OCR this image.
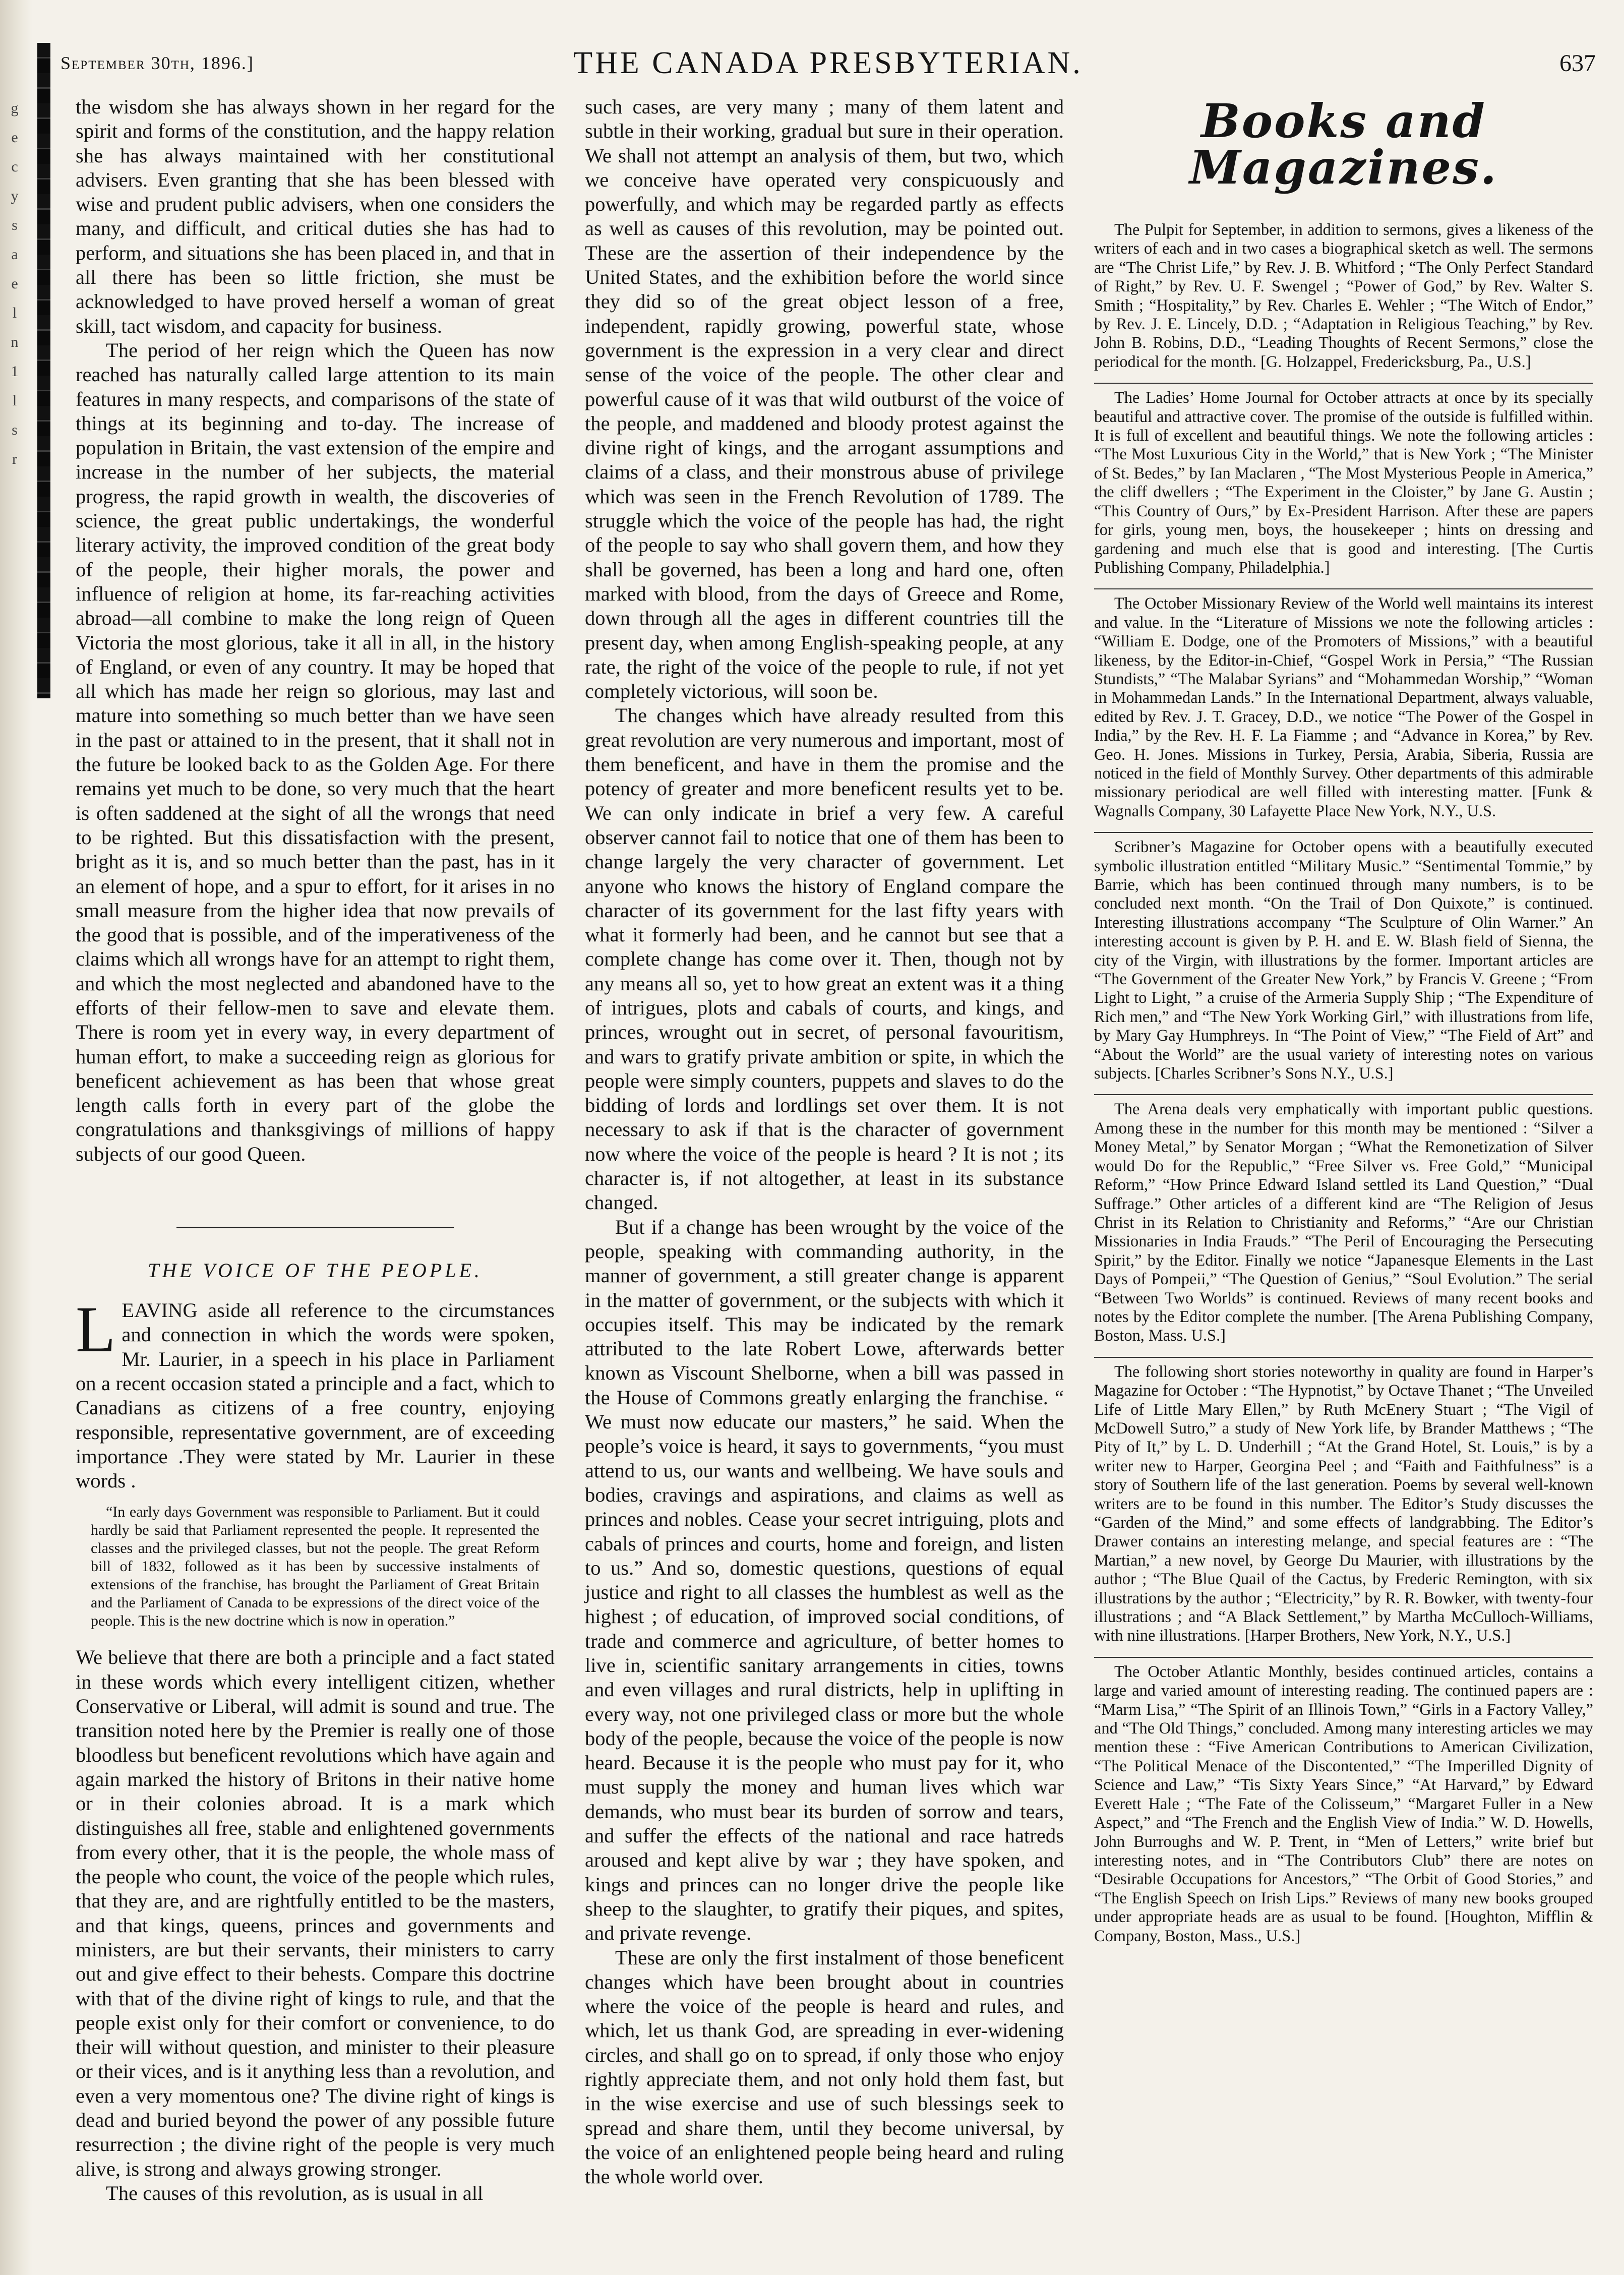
g
e
c
y
s
a
e
l
n
1
l
s
r
September 30th, 1896.]	THE CANADA PRESBYTERIAN.	637

the wisdom she has always shown in her regard for the spirit and forms of the constitution, and the happy relation she has always maintained with her constitutional advisers. Even granting that she has been blessed with wise and prudent public advisers, when one considers the many, and difficult, and critical duties she has had to perform, and situations she has been placed in, and that in all there has been so little friction, she must be acknowledged to have proved herself a woman of great skill, tact wisdom, and capacity for business.

The period of her reign which the Queen has now reached has naturally called large attention to its main features in many respects, and comparisons of the state of things at its beginning and to-day. The increase of population in Britain, the vast extension of the empire and increase in the number of her subjects, the material progress, the rapid growth in wealth, the discoveries of science, the great public undertakings, the wonderful literary activity, the improved condition of the great body of the people, their higher morals, the power and influence of religion at home, its far-reaching activities abroad—all combine to make the long reign of Queen Victoria the most glorious, take it all in all, in the history of England, or even of any country. It may be hoped that all which has made her reign so glorious, may last and mature into something so much better than we have seen in the past or attained to in the present, that it shall not in the future be looked back to as the Golden Age. For there remains yet much to be done, so very much that the heart is often saddened at the sight of all the wrongs that need to be righted. But this dissatisfaction with the present, bright as it is, and so much better than the past, has in it an element of hope, and a spur to effort, for it arises in no small measure from the higher idea that now prevails of the good that is possible, and of the imperativeness of the claims which all wrongs have for an attempt to right them, and which the most neglected and abandoned have to the efforts of their fellow-men to save and elevate them. There is room yet in every way, in every department of human effort, to make a succeeding reign as glorious for beneficent achievement as has been that whose great length calls forth in every part of the globe the congratulations and thanksgivings of millions of happy subjects of our good Queen.

THE VOICE OF THE PEOPLE.

LEAVING aside all reference to the circumstances and connection in which the words were spoken, Mr. Laurier, in a speech in his place in Parliament on a recent occasion stated a principle and a fact, which to Canadians as citizens of a free country, enjoying responsible, representative government, are of exceeding importance .They were stated by Mr. Laurier in these words .

“In early days Government was responsible to Parliament. But it could hardly be said that Parliament represented the people. It represented the classes and the privileged classes, but not the people. The great Reform bill of 1832, followed as it has been by successive instalments of extensions of the franchise, has brought the Parliament of Great Britain and the Parliament of Canada to be expressions of the direct voice of the people. This is the new doctrine which is now in operation.”

We believe that there are both a principle and a fact stated in these words which every intelligent citizen, whether Conservative or Liberal, will admit is sound and true. The transition noted here by the Premier is really one of those bloodless but beneficent revolutions which have again and again marked the history of Britons in their native home or in their colonies abroad. It is a mark which distinguishes all free, stable and enlightened governments from every other, that it is the people, the whole mass of the people who count, the voice of the people which rules, that they are, and are rightfully entitled to be the masters, and that kings, queens, princes and governments and ministers, are but their servants, their ministers to carry out and give effect to their behests. Compare this doctrine with that of the divine right of kings to rule, and that the people exist only for their comfort or convenience, to do their will without question, and minister to their pleasure or their vices, and is it anything less than a revolution, and even a very momentous one? The divine right of kings is dead and buried beyond the power of any possible future resurrection ; the divine right of the people is very much alive, is strong and always growing stronger.

The causes of this revolution, as is usual in all

such cases, are very many ; many of them latent and subtle in their working, gradual but sure in their operation. We shall not attempt an analysis of them, but two, which we conceive have operated very conspicuously and powerfully, and which may be regarded partly as effects as well as causes of this revolution, may be pointed out. These are the assertion of their independence by the United States, and the exhibition before the world since they did so of the great object lesson of a free, independent, rapidly growing, powerful state, whose government is the expression in a very clear and direct sense of the voice of the people. The other clear and powerful cause of it was that wild outburst of the voice of the people, and maddened and bloody protest against the divine right of kings, and the arrogant assumptions and claims of a class, and their monstrous abuse of privilege which was seen in the French Revolution of 1789. The struggle which the voice of the people has had, the right of the people to say who shall govern them, and how they shall be governed, has been a long and hard one, often marked with blood, from the days of Greece and Rome, down through all the ages in different countries till the present day, when among English-speaking people, at any rate, the right of the voice of the people to rule, if not yet completely victorious, will soon be.

The changes which have already resulted from this great revolution are very numerous and important, most of them beneficent, and have in them the promise and the potency of greater and more beneficent results yet to be. We can only indicate in brief a very few. A careful observer cannot fail to notice that one of them has been to change largely the very character of government. Let anyone who knows the history of England compare the character of its government for the last fifty years with what it formerly had been, and he cannot but see that a complete change has come over it. Then, though not by any means all so, yet to how great an extent was it a thing of intrigues, plots and cabals of courts, and kings, and princes, wrought out in secret, of personal favouritism, and wars to gratify private ambition or spite, in which the people were simply counters, puppets and slaves to do the bidding of lords and lordlings set over them. It is not necessary to ask if that is the character of government now where the voice of the people is heard ? It is not ; its character is, if not altogether, at least in its substance changed.

But if a change has been wrought by the voice of the people, speaking with commanding authority, in the manner of government, a still greater change is apparent in the matter of government, or the subjects with which it occupies itself. This may be indicated by the remark attributed to the late Robert Lowe, afterwards better known as Viscount Shelborne, when a bill was passed in the House of Commons greatly enlarging the franchise. “ We must now educate our masters,” he said. When the people’s voice is heard, it says to governments, “you must attend to us, our wants and wellbeing. We have souls and bodies, cravings and aspirations, and claims as well as princes and nobles. Cease your secret intriguing, plots and cabals of princes and courts, home and foreign, and listen to us.” And so, domestic questions, questions of equal justice and right to all classes the humblest as well as the highest ; of education, of improved social conditions, of trade and commerce and agriculture, of better homes to live in, scientific sanitary arrangements in cities, towns and even villages and rural districts, help in uplifting in every way, not one privileged class or more but the whole body of the people, because the voice of the people is now heard. Because it is the people who must pay for it, who must supply the money and human lives which war demands, who must bear its burden of sorrow and tears, and suffer the effects of the national and race hatreds aroused and kept alive by war ; they have spoken, and kings and princes can no longer drive the people like sheep to the slaughter, to gratify their piques, and spites, and private revenge.

These are only the first instalment of those beneficent changes which have been brought about in countries where the voice of the people is heard and rules, and which, let us thank God, are spreading in ever-widening circles, and shall go on to spread, if only those who enjoy rightly appreciate them, and not only hold them fast, but in the wise exercise and use of such blessings seek to spread and share them, until they become universal, by the voice of an enlightened people being heard and ruling the whole world over.

Books and Magazines.

The Pulpit for September, in addition to sermons, gives a likeness of the writers of each and in two cases a biographical sketch as well. The sermons are “The Christ Life,” by Rev. J. B. Whitford ; “The Only Perfect Standard of Right,” by Rev. U. F. Swengel ; “Power of God,” by Rev. Walter S. Smith ; “Hospitality,” by Rev. Charles E. Wehler ; “The Witch of Endor,” by Rev. J. E. Lincely, D.D. ; “Adaptation in Religious Teaching,” by Rev. John B. Robins, D.D., “Leading Thoughts of Recent Sermons,” close the periodical for the month. [G. Holzappel, Fredericksburg, Pa., U.S.]

The Ladies’ Home Journal for October attracts at once by its specially beautiful and attractive cover. The promise of the outside is fulfilled within. It is full of excellent and beautiful things. We note the following articles : “The Most Luxurious City in the World,” that is New York ; “The Minister of St. Bedes,” by Ian Maclaren , “The Most Mysterious People in America,” the cliff dwellers ; “The Experiment in the Cloister,” by Jane G. Austin ; “This Country of Ours,” by Ex-President Harrison. After these are papers for girls, young men, boys, the housekeeper ; hints on dressing and gardening and much else that is good and interesting. [The Curtis Publishing Company, Philadelphia.]

The October Missionary Review of the World well maintains its interest and value. In the “Literature of Missions we note the following articles : “William E. Dodge, one of the Promoters of Missions,” with a beautiful likeness, by the Editor-in-Chief, “Gospel Work in Persia,” “The Russian Stundists,” “The Malabar Syrians” and “Mohammedan Worship,” “Woman in Mohammedan Lands.” In the International Department, always valuable, edited by Rev. J. T. Gracey, D.D., we notice “The Power of the Gospel in India,” by the Rev. H. F. La Fiamme ; and “Advance in Korea,” by Rev. Geo. H. Jones. Missions in Turkey, Persia, Arabia, Siberia, Russia are noticed in the field of Monthly Survey. Other departments of this admirable missionary periodical are well filled with interesting matter. [Funk & Wagnalls Company, 30 Lafayette Place New York, N.Y., U.S.

Scribner’s Magazine for October opens with a beautifully executed symbolic illustration entitled “Military Music.” “Sentimental Tommie,” by Barrie, which has been continued through many numbers, is to be concluded next month. “On the Trail of Don Quixote,” is continued. Interesting illustrations accompany “The Sculpture of Olin Warner.” An interesting account is given by P. H. and E. W. Blash field of Sienna, the city of the Virgin, with illustrations by the former. Important articles are “The Government of the Greater New York,” by Francis V. Greene ; “From Light to Light, ” a cruise of the Armeria Supply Ship ; “The Expenditure of Rich men,” and “The New York Working Girl,” with illustrations from life, by Mary Gay Humphreys. In “The Point of View,” “The Field of Art” and “About the World” are the usual variety of interesting notes on various subjects. [Charles Scribner’s Sons N.Y., U.S.]

The Arena deals very emphatically with important public questions. Among these in the number for this month may be mentioned : “Silver a Money Metal,” by Senator Morgan ; “What the Remonetization of Silver would Do for the Republic,” “Free Silver vs. Free Gold,” “Municipal Reform,” “How Prince Edward Island settled its Land Question,” “Dual Suffrage.” Other articles of a different kind are “The Religion of Jesus Christ in its Relation to Christianity and Reforms,” “Are our Christian Missionaries in India Frauds.” “The Peril of Encouraging the Persecuting Spirit,” by the Editor. Finally we notice “Japanesque Elements in the Last Days of Pompeii,” “The Question of Genius,” “Soul Evolution.” The serial “Between Two Worlds” is continued. Reviews of many recent books and notes by the Editor complete the number. [The Arena Publishing Company, Boston, Mass. U.S.]

The following short stories noteworthy in quality are found in Harper’s Magazine for October : “The Hypnotist,” by Octave Thanet ; “The Unveiled Life of Little Mary Ellen,” by Ruth McEnery Stuart ; “The Vigil of McDowell Sutro,” a study of New York life, by Brander Matthews ; “The Pity of It,” by L. D. Underhill ; “At the Grand Hotel, St. Louis,” is by a writer new to Harper, Georgina Peel ; and “Faith and Faithfulness” is a story of Southern life of the last generation. Poems by several well-known writers are to be found in this number. The Editor’s Study discusses the “Garden of the Mind,” and some effects of landgrabbing. The Editor’s Drawer contains an interesting melange, and special features are : “The Martian,” a new novel, by George Du Maurier, with illustrations by the author ; “The Blue Quail of the Cactus, by Frederic Remington, with six illustrations by the author ; “Electricity,” by R. R. Bowker, with twenty-four illustrations ; and “A Black Settlement,” by Martha McCulloch-Williams, with nine illustrations. [Harper Brothers, New York, N.Y., U.S.]

The October Atlantic Monthly, besides continued articles, contains a large and varied amount of interesting reading. The continued papers are : “Marm Lisa,” “The Spirit of an Illinois Town,” “Girls in a Factory Valley,” and “The Old Things,” concluded. Among many interesting articles we may mention these : “Five American Contributions to American Civilization, “The Political Menace of the Discontented,” “The Imperilled Dignity of Science and Law,” “Tis Sixty Years Since,” “At Harvard,” by Edward Everett Hale ; “The Fate of the Colisseum,” “Margaret Fuller in a New Aspect,” and “The French and the English View of India.” W. D. Howells, John Burroughs and W. P. Trent, in “Men of Letters,” write brief but interesting notes, and in “The Contributors Club” there are notes on “Desirable Occupations for Ancestors,” “The Orbit of Good Stories,” and “The English Speech on Irish Lips.” Reviews of many new books grouped under appropriate heads are as usual to be found. [Houghton, Mifflin & Company, Boston, Mass., U.S.]
